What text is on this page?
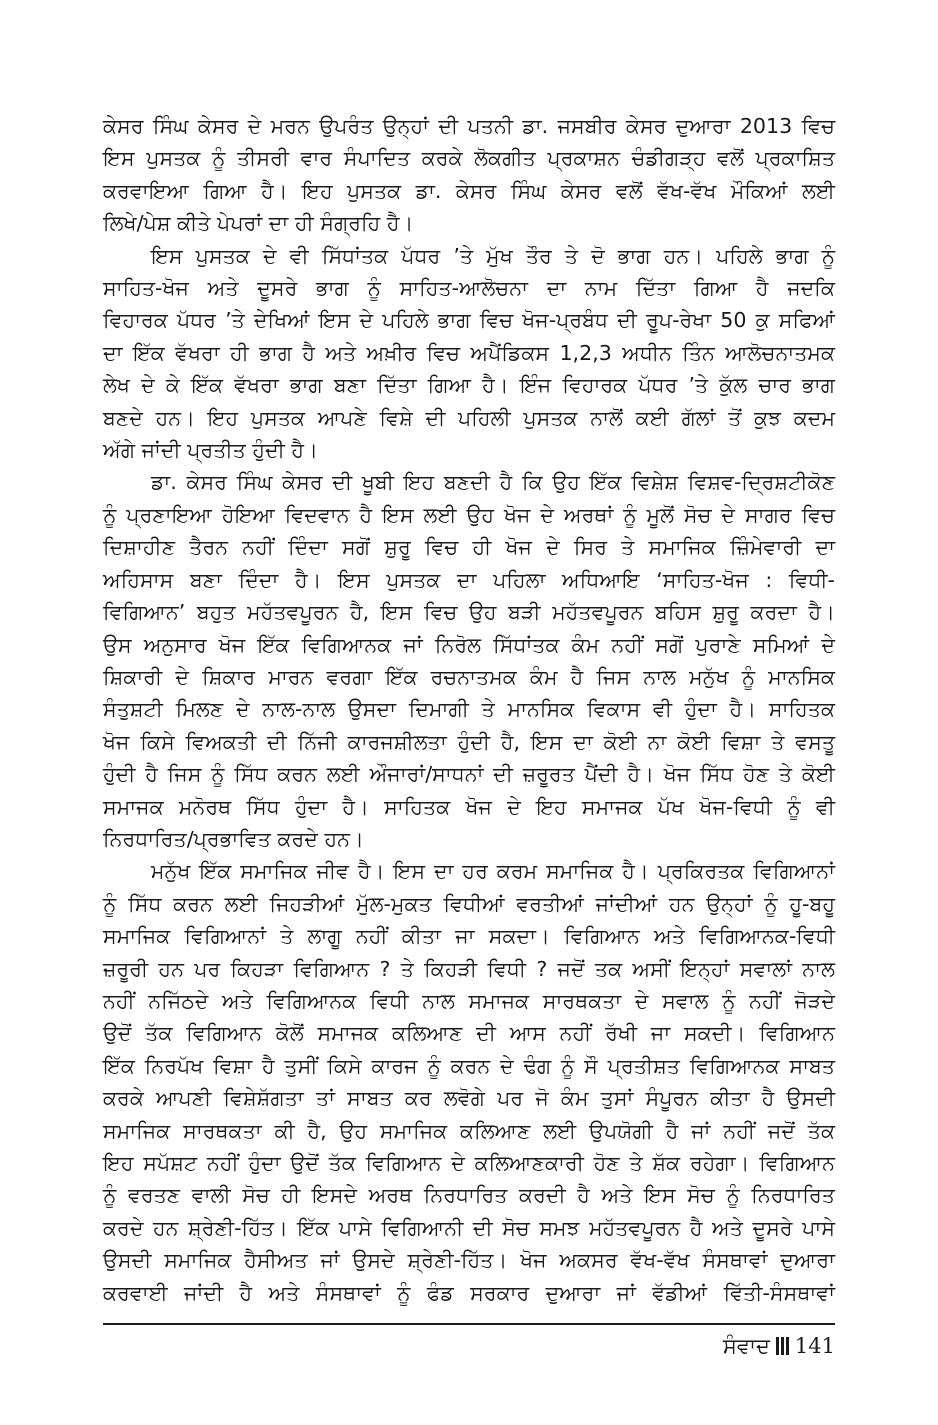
ਕੇਸਰ ਸਿੰਘ ਕੇਸਰ ਦੇ ਮਰਨ ਉਪਰੰਤ ਉਨ੍ਹਾਂ ਦੀ ਪਤਨੀ ਡਾ. ਜਸਬੀਰ ਕੇਸਰ ਦੁਆਰਾ 2013 ਵਿਚ
ਇਸ ਪੁਸਤਕ ਨੂੰ ਤੀਸਰੀ ਵਾਰ ਸੰਪਾਦਿਤ ਕਰਕੇ ਲੋਕਗੀਤ ਪ੍ਰਕਾਸ਼ਨ ਚੰਡੀਗੜ੍ਹ ਵਲੋਂ ਪ੍ਰਕਾਸ਼ਿਤ
ਕਰਵਾਇਆ ਗਿਆ ਹੈ। ਇਹ ਪੁਸਤਕ ਡਾ. ਕੇਸਰ ਸਿੰਘ ਕੇਸਰ ਵਲੋਂ ਵੱਖ-ਵੱਖ ਮੌਕਿਆਂ ਲਈ
ਲਿਖੇ/ਪੇਸ਼ ਕੀਤੇ ਪੇਪਰਾਂ ਦਾ ਹੀ ਸੰਗ੍ਰਹਿ ਹੈ।
ਇਸ ਪੁਸਤਕ ਦੇ ਵੀ ਸਿੱਧਾਂਤਕ ਪੱਧਰ ’ਤੇ ਮੁੱਖ ਤੌਰ ਤੇ ਦੋ ਭਾਗ ਹਨ। ਪਹਿਲੇ ਭਾਗ ਨੂੰ
ਸਾਹਿਤ-ਖੋਜ ਅਤੇ ਦੂਸਰੇ ਭਾਗ ਨੂੰ ਸਾਹਿਤ-ਆਲੋਚਨਾ ਦਾ ਨਾਮ ਦਿੱਤਾ ਗਿਆ ਹੈ ਜਦਕਿ
ਵਿਹਾਰਕ ਪੱਧਰ ’ਤੇ ਦੇਖਿਆਂ ਇਸ ਦੇ ਪਹਿਲੇ ਭਾਗ ਵਿਚ ਖੋਜ-ਪ੍ਰਬੰਧ ਦੀ ਰੂਪ-ਰੇਖਾ 50 ਕੁ ਸਫਿਆਂ
ਦਾ ਇੱਕ ਵੱਖਰਾ ਹੀ ਭਾਗ ਹੈ ਅਤੇ ਅਖ਼ੀਰ ਵਿਚ ਅਪੈਂਡਿਕਸ 1,2,3 ਅਧੀਨ ਤਿੰਨ ਆਲੋਚਨਾਤਮਕ
ਲੇਖ ਦੇ ਕੇ ਇੱਕ ਵੱਖਰਾ ਭਾਗ ਬਣਾ ਦਿੱਤਾ ਗਿਆ ਹੈ। ਇੰਜ ਵਿਹਾਰਕ ਪੱਧਰ ’ਤੇ ਕੁੱਲ ਚਾਰ ਭਾਗ
ਬਣਦੇ ਹਨ। ਇਹ ਪੁਸਤਕ ਆਪਣੇ ਵਿਸ਼ੇ ਦੀ ਪਹਿਲੀ ਪੁਸਤਕ ਨਾਲੋਂ ਕਈ ਗੱਲਾਂ ਤੋਂ ਕੁਝ ਕਦਮ
ਅੱਗੇ ਜਾਂਦੀ ਪ੍ਰਤੀਤ ਹੁੰਦੀ ਹੈ।
ਡਾ. ਕੇਸਰ ਸਿੰਘ ਕੇਸਰ ਦੀ ਖੂਬੀ ਇਹ ਬਣਦੀ ਹੈ ਕਿ ਉਹ ਇੱਕ ਵਿਸ਼ੇਸ਼ ਵਿਸ਼ਵ-ਦ੍ਰਿਸ਼ਟੀਕੋਣ
ਨੂੰ ਪ੍ਰਣਾਇਆ ਹੋਇਆ ਵਿਦਵਾਨ ਹੈ ਇਸ ਲਈ ਉਹ ਖੋਜ ਦੇ ਅਰਥਾਂ ਨੂੰ ਮੂਲੋਂ ਸੋਚ ਦੇ ਸਾਗਰ ਵਿਚ
ਦਿਸ਼ਾਹੀਣ ਤੈਰਨ ਨਹੀਂ ਦਿੰਦਾ ਸਗੋਂ ਸ਼ੁਰੂ ਵਿਚ ਹੀ ਖੋਜ ਦੇ ਸਿਰ ਤੇ ਸਮਾਜਿਕ ਜ਼ਿੰਮੇਵਾਰੀ ਦਾ
ਅਹਿਸਾਸ ਬਣਾ ਦਿੰਦਾ ਹੈ। ਇਸ ਪੁਸਤਕ ਦਾ ਪਹਿਲਾ ਅਧਿਆਇ ‘ਸਾਹਿਤ-ਖੋਜ : ਵਿਧੀ-
ਵਿਗਿਆਨ’ ਬਹੁਤ ਮਹੱਤਵਪੂਰਨ ਹੈ, ਇਸ ਵਿਚ ਉਹ ਬੜੀ ਮਹੱਤਵਪੂਰਨ ਬਹਿਸ ਸ਼ੁਰੂ ਕਰਦਾ ਹੈ।
ਉਸ ਅਨੁਸਾਰ ਖੋਜ ਇੱਕ ਵਿਗਿਆਨਕ ਜਾਂ ਨਿਰੋਲ ਸਿੱਧਾਂਤਕ ਕੰਮ ਨਹੀਂ ਸਗੋਂ ਪੁਰਾਣੇ ਸਮਿਆਂ ਦੇ
ਸ਼ਿਕਾਰੀ ਦੇ ਸ਼ਿਕਾਰ ਮਾਰਨ ਵਰਗਾ ਇੱਕ ਰਚਨਾਤਮਕ ਕੰਮ ਹੈ ਜਿਸ ਨਾਲ ਮਨੁੱਖ ਨੂੰ ਮਾਨਸਿਕ
ਸੰਤੁਸ਼ਟੀ ਮਿਲਣ ਦੇ ਨਾਲ-ਨਾਲ ਉਸਦਾ ਦਿਮਾਗੀ ਤੇ ਮਾਨਸਿਕ ਵਿਕਾਸ ਵੀ ਹੁੰਦਾ ਹੈ। ਸਾਹਿਤਕ
ਖੋਜ ਕਿਸੇ ਵਿਅਕਤੀ ਦੀ ਨਿੱਜੀ ਕਾਰਜਸ਼ੀਲਤਾ ਹੁੰਦੀ ਹੈ, ਇਸ ਦਾ ਕੋਈ ਨਾ ਕੋਈ ਵਿਸ਼ਾ ਤੇ ਵਸਤੂ
ਹੁੰਦੀ ਹੈ ਜਿਸ ਨੂੰ ਸਿੱਧ ਕਰਨ ਲਈ ਔਜਾਰਾਂ/ਸਾਧਨਾਂ ਦੀ ਜ਼ਰੂਰਤ ਪੈਂਦੀ ਹੈ। ਖੋਜ ਸਿੱਧ ਹੋਣ ਤੇ ਕੋਈ
ਸਮਾਜਕ ਮਨੋਰਥ ਸਿੱਧ ਹੁੰਦਾ ਹੈ। ਸਾਹਿਤਕ ਖੋਜ ਦੇ ਇਹ ਸਮਾਜਕ ਪੱਖ ਖੋਜ-ਵਿਧੀ ਨੂੰ ਵੀ
ਨਿਰਧਾਰਿਤ/ਪ੍ਰਭਾਵਿਤ ਕਰਦੇ ਹਨ।
ਮਨੁੱਖ ਇੱਕ ਸਮਾਜਿਕ ਜੀਵ ਹੈ। ਇਸ ਦਾ ਹਰ ਕਰਮ ਸਮਾਜਿਕ ਹੈ। ਪ੍ਰਕਿਰਤਕ ਵਿਗਿਆਨਾਂ
ਨੂੰ ਸਿੱਧ ਕਰਨ ਲਈ ਜਿਹੜੀਆਂ ਮੁੱਲ-ਮੁਕਤ ਵਿਧੀਆਂ ਵਰਤੀਆਂ ਜਾਂਦੀਆਂ ਹਨ ਉਨ੍ਹਾਂ ਨੂੰ ਹੂ-ਬਹੂ
ਸਮਾਜਿਕ ਵਿਗਿਆਨਾਂ ਤੇ ਲਾਗੂ ਨਹੀਂ ਕੀਤਾ ਜਾ ਸਕਦਾ। ਵਿਗਿਆਨ ਅਤੇ ਵਿਗਿਆਨਕ-ਵਿਧੀ
ਜ਼ਰੂਰੀ ਹਨ ਪਰ ਕਿਹੜਾ ਵਿਗਿਆਨ ? ਤੇ ਕਿਹੜੀ ਵਿਧੀ ? ਜਦੋਂ ਤਕ ਅਸੀਂ ਇਨ੍ਹਾਂ ਸਵਾਲਾਂ ਨਾਲ
ਨਹੀਂ ਨਜਿੱਠਦੇ ਅਤੇ ਵਿਗਿਆਨਕ ਵਿਧੀ ਨਾਲ ਸਮਾਜਕ ਸਾਰਥਕਤਾ ਦੇ ਸਵਾਲ ਨੂੰ ਨਹੀਂ ਜੋੜਦੇ
ਉਦੋਂ ਤੱਕ ਵਿਗਿਆਨ ਕੋਲੋਂ ਸਮਾਜਕ ਕਲਿਆਣ ਦੀ ਆਸ ਨਹੀਂ ਰੱਖੀ ਜਾ ਸਕਦੀ। ਵਿਗਿਆਨ
ਇੱਕ ਨਿਰਪੱਖ ਵਿਸ਼ਾ ਹੈ ਤੁਸੀਂ ਕਿਸੇ ਕਾਰਜ ਨੂੰ ਕਰਨ ਦੇ ਢੰਗ ਨੂੰ ਸੌ ਪ੍ਰਤੀਸ਼ਤ ਵਿਗਿਆਨਕ ਸਾਬਤ
ਕਰਕੇ ਆਪਣੀ ਵਿਸ਼ੇਸ਼ੱਗਤਾ ਤਾਂ ਸਾਬਤ ਕਰ ਲਵੋਗੇ ਪਰ ਜੋ ਕੰਮ ਤੁਸਾਂ ਸੰਪੂਰਨ ਕੀਤਾ ਹੈ ਉਸਦੀ
ਸਮਾਜਿਕ ਸਾਰਥਕਤਾ ਕੀ ਹੈ, ਉਹ ਸਮਾਜਿਕ ਕਲਿਆਣ ਲਈ ਉਪਯੋਗੀ ਹੈ ਜਾਂ ਨਹੀਂ ਜਦੋਂ ਤੱਕ
ਇਹ ਸਪੱਸ਼ਟ ਨਹੀਂ ਹੁੰਦਾ ਉਦੋਂ ਤੱਕ ਵਿਗਿਆਨ ਦੇ ਕਲਿਆਣਕਾਰੀ ਹੋਣ ਤੇ ਸ਼ੱਕ ਰਹੇਗਾ। ਵਿਗਿਆਨ
ਨੂੰ ਵਰਤਣ ਵਾਲੀ ਸੋਚ ਹੀ ਇਸਦੇ ਅਰਥ ਨਿਰਧਾਰਿਤ ਕਰਦੀ ਹੈ ਅਤੇ ਇਸ ਸੋਚ ਨੂੰ ਨਿਰਧਾਰਿਤ
ਕਰਦੇ ਹਨ ਸ਼੍ਰੇਣੀ-ਹਿੱਤ। ਇੱਕ ਪਾਸੇ ਵਿਗਿਆਨੀ ਦੀ ਸੋਚ ਸਮਝ ਮਹੱਤਵਪੂਰਨ ਹੈ ਅਤੇ ਦੂਸਰੇ ਪਾਸੇ
ਉਸਦੀ ਸਮਾਜਿਕ ਹੈਸੀਅਤ ਜਾਂ ਉਸਦੇ ਸ਼੍ਰੇਣੀ-ਹਿੱਤ। ਖੋਜ ਅਕਸਰ ਵੱਖ-ਵੱਖ ਸੰਸਥਾਵਾਂ ਦੁਆਰਾ
ਕਰਵਾਈ ਜਾਂਦੀ ਹੈ ਅਤੇ ਸੰਸਥਾਵਾਂ ਨੂੰ ਫੰਡ ਸਰਕਾਰ ਦੁਆਰਾ ਜਾਂ ਵੱਡੀਆਂ ਵਿੱਤੀ-ਸੰਸਥਾਵਾਂ
ਸੰਵਾਦ 141
